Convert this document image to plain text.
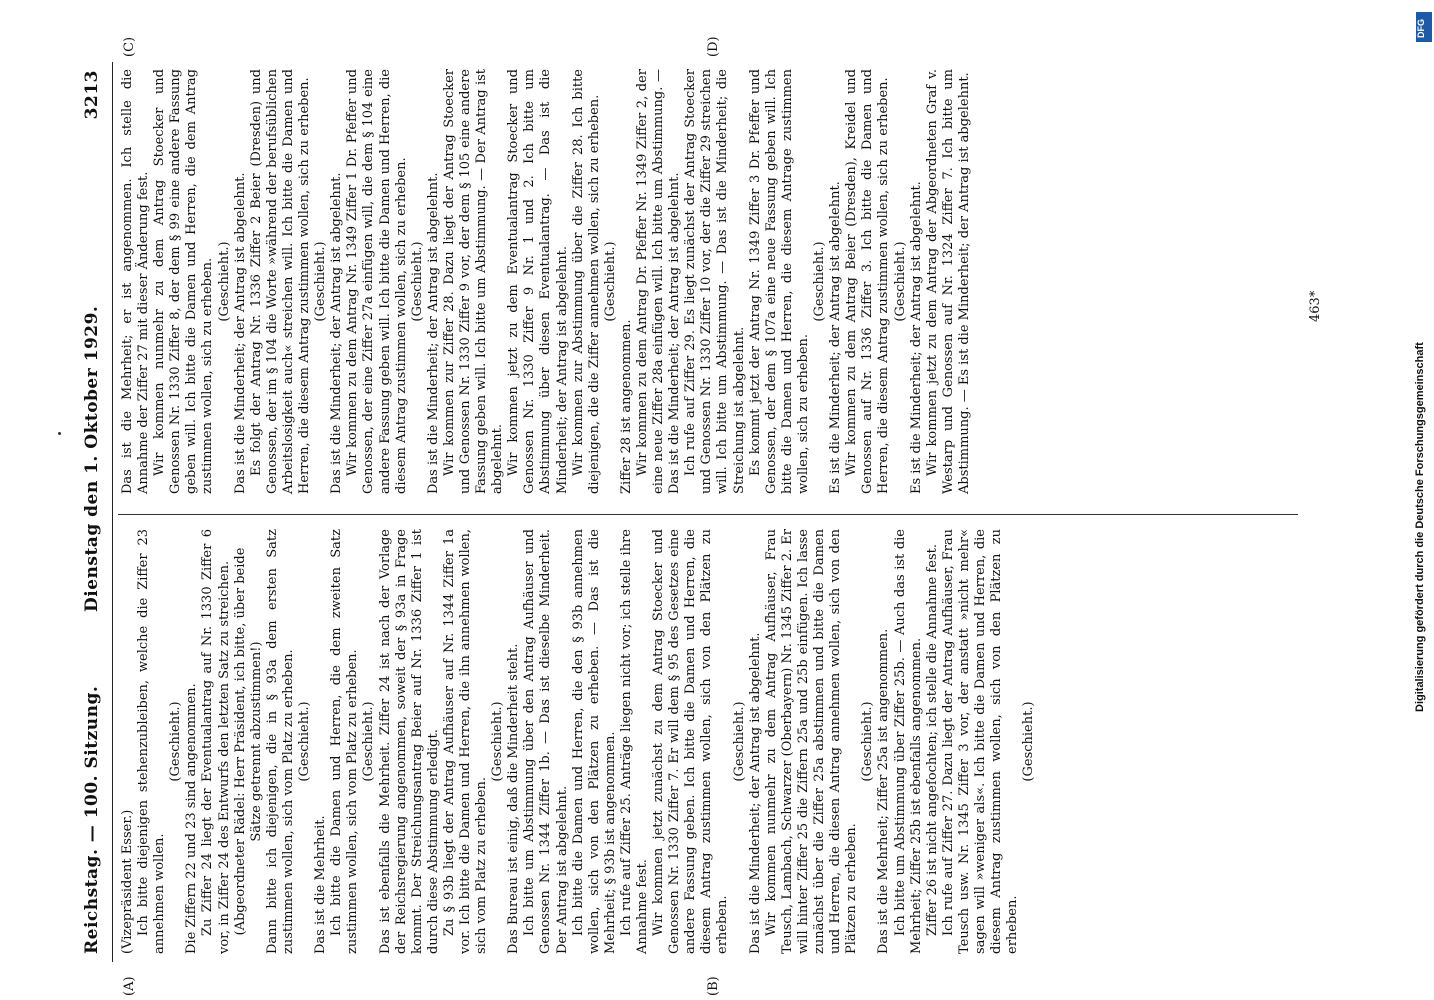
Reichstag. — 100. Sitzung.
Dienstag den 1. Oktober 1929.
3213
(A)	(B)
(C)	(D)

(Vizepräsident Esser.) Ich bitte diejenigen stehenzubleiben, welche die Ziffer 23 annehmen wollen.

(Geschieht.) Die Ziffern 22 und 23 sind angenommen. Zu Ziffer 24 liegt der Eventualantrag auf Nr. 1330 Ziffer 6 vor, in Ziffer 24 des Entwurfs den letzten Satz zu streichen. (Abgeordneter Rädel: Herr Präsident, ich bitte, über beide Sätze getrennt abzustimmen!) Dann bitte ich diejenigen, die in § 93a dem ersten Satz zustimmen wollen, sich vom Platz zu erheben. (Geschieht.)

Das ist die Mehrheit. Ich bitte die Damen und Herren, die dem zweiten Satz zustimmen wollen, sich vom Platz zu erheben. (Geschieht.) Das ist ebenfalls die Mehrheit. Ziffer 24 ist nach der Vorlage der Reichsregierung angenommen, soweit der § 93a in Frage kommt. Der Streichungsantrag Beier auf Nr. 1336 Ziffer 1 ist durch diese Abstimmung erledigt. Zu § 93b liegt der Antrag Aufhäuser auf Nr. 1344 Ziffer 1a vor. Ich bitte die Damen und Herren, die ihn annehmen wollen, sich vom Platz zu erheben.

(Geschieht.) Das Bureau ist einig, daß die Minderheit steht. Ich bitte um Abstimmung über den Antrag Aufhäuser und Genossen Nr. 1344 Ziffer 1b. — Das ist dieselbe Minderheit. Der Antrag ist abgelehnt. Ich bitte die Damen und Herren, die den § 93b annehmen wollen, sich von den Plätzen zu erheben. — Das ist die Mehrheit; § 93b ist angenommen. Ich rufe auf Ziffer 25. Anträge liegen nicht vor; ich stelle ihre Annahme fest. Wir kommen jetzt zunächst zu dem Antrag Stoecker und Genossen Nr. 1330 Ziffer 7. Er will dem § 95 des Gesetzes eine andere Fassung geben. Ich bitte die Damen und Herren, die diesem Antrag zustimmen wollen, sich von den Plätzen zu erheben.

(Geschieht.) Das ist die Minderheit; der Antrag ist abgelehnt. Wir kommen nunmehr zu dem Antrag Aufhäuser, Frau Teusch, Lambach, Schwarzer (Oberbayern) Nr. 1345 Ziffer 2. Er will hinter Ziffer 25 die Ziffern 25a und 25b einfügen. Ich lasse zunächst über die Ziffer 25a abstimmen und bitte die Damen und Herren, die diesen Antrag annehmen wollen, sich von den Plätzen zu erheben.

(Geschieht.) Das ist die Mehrheit; Ziffer 25a ist angenommen. Ich bitte um Abstimmung über Ziffer 25b. — Auch das ist die Mehrheit; Ziffer 25b ist ebenfalls angenommen. Ziffer 26 ist nicht angefochten; ich stelle die Annahme fest. Ich rufe auf Ziffer 27. Dazu liegt der Antrag Aufhäuser, Frau Teusch usw. Nr. 1345 Ziffer 3 vor, der anstatt »nicht mehr« sagen will »weniger als«. Ich bitte die Damen und Herren, die diesem Antrag zustimmen wollen, sich von den Plätzen zu erheben.

(Geschieht.)

Das ist die Mehrheit; er ist angenommen. Ich stelle die Annahme der Ziffer 27 mit dieser Änderung fest. Wir kommen nunmehr zu dem Antrag Stoecker und Genossen Nr. 1330 Ziffer 8, der dem § 99 eine andere Fassung geben will. Ich bitte die Damen und Herren, die dem Antrag zustimmen wollen, sich zu erheben. (Geschieht.) Das ist die Minderheit; der Antrag ist abgelehnt. Es folgt der Antrag Nr. 1336 Ziffer 2 Beier (Dresden) und Genossen, der im § 104 die Worte »während der berufsüblichen Arbeitslosigkeit auch« streichen will. Ich bitte die Damen und Herren, die diesem Antrag zustimmen wollen, sich zu erheben. (Geschieht.) Das ist die Minderheit; der Antrag ist abgelehnt. Wir kommen zu dem Antrag Nr. 1349 Ziffer 1 Dr. Pfeffer und Genossen, der eine Ziffer 27a einfügen will, die dem § 104 eine andere Fassung geben will. Ich bitte die Damen und Herren, die diesem Antrag zustimmen wollen, sich zu erheben. (Geschieht.) Das ist die Minderheit; der Antrag ist abgelehnt. Wir kommen zur Ziffer 28. Dazu liegt der Antrag Stoecker und Genossen Nr. 1330 Ziffer 9 vor, der dem § 105 eine andere Fassung geben will. Ich bitte um Abstimmung. — Der Antrag ist abgelehnt. Wir kommen jetzt zu dem Eventualantrag Stoecker und Genossen Nr. 1330 Ziffer 9 Nr. 1 und 2. Ich bitte um Abstimmung über diesen Eventualantrag. — Das ist die Minderheit; der Antrag ist abgelehnt. Wir kommen zur Abstimmung über die Ziffer 28. Ich bitte diejenigen, die die Ziffer annehmen wollen, sich zu erheben. (Geschieht.)

Ziffer 28 ist angenommen. Wir kommen zu dem Antrag Dr. Pfeffer Nr. 1349 Ziffer 2, der eine neue Ziffer 28a einfügen will. Ich bitte um Abstimmung. — Das ist die Minderheit; der Antrag ist abgelehnt. Ich rufe auf Ziffer 29. Es liegt zunächst der Antrag Stoecker und Genossen Nr. 1330 Ziffer 10 vor, der die Ziffer 29 streichen will. Ich bitte um Abstimmung. — Das ist die Minderheit; die Streichung ist abgelehnt. Es kommt jetzt der Antrag Nr. 1349 Ziffer 3 Dr. Pfeffer und Genossen, der dem § 107a eine neue Fassung geben will. Ich bitte die Damen und Herren, die diesem Antrage zustimmen wollen, sich zu erheben.

(Geschieht.) Es ist die Minderheit; der Antrag ist abgelehnt. Wir kommen zu dem Antrag Beier (Dresden), Kreidel und Genossen auf Nr. 1336 Ziffer 3. Ich bitte die Damen und Herren, die diesem Antrag zustimmen wollen, sich zu erheben. (Geschieht.) Es ist die Minderheit; der Antrag ist abgelehnt. Wir kommen jetzt zu dem Antrag der Abgeordneten Graf v. Westarp und Genossen auf Nr. 1324 Ziffer 7. Ich bitte um Abstimmung. — Es ist die Minderheit; der Antrag ist abgelehnt.	463*
DFG
Digitalisierung gefördert durch die Deutsche Forschungsgemeinschaft
